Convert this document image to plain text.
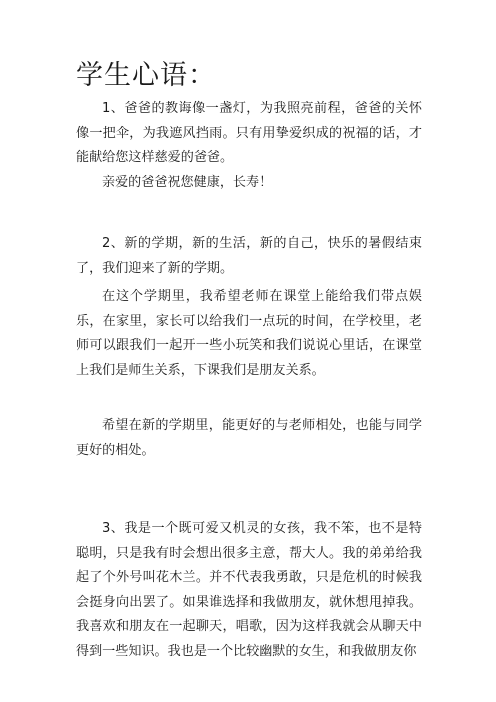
学生心语：

1、爸爸的教诲像一盏灯，为我照亮前程，爸爸的关怀像一把伞，为我遮风挡雨。只有用挚爱织成的祝福的话，才能献给您这样慈爱的爸爸。

亲爱的爸爸祝您健康，长寿！

2、新的学期，新的生活，新的自己，快乐的暑假结束了，我们迎来了新的学期。

在这个学期里，我希望老师在课堂上能给我们带点娱乐，在家里，家长可以给我们一点玩的时间，在学校里，老师可以跟我们一起开一些小玩笑和我们说说心里话，在课堂上我们是师生关系，下课我们是朋友关系。

希望在新的学期里，能更好的与老师相处，也能与同学更好的相处。

3、我是一个既可爱又机灵的女孩，我不笨，也不是特聪明，只是我有时会想出很多主意，帮大人。我的弟弟给我起了个外号叫花木兰。并不代表我勇敢，只是危机的时候我会挺身向出罢了。如果谁选择和我做朋友，就休想甩掉我。我喜欢和朋友在一起聊天，唱歌，因为这样我就会从聊天中得到一些知识。我也是一个比较幽默的女生，和我做朋友你
